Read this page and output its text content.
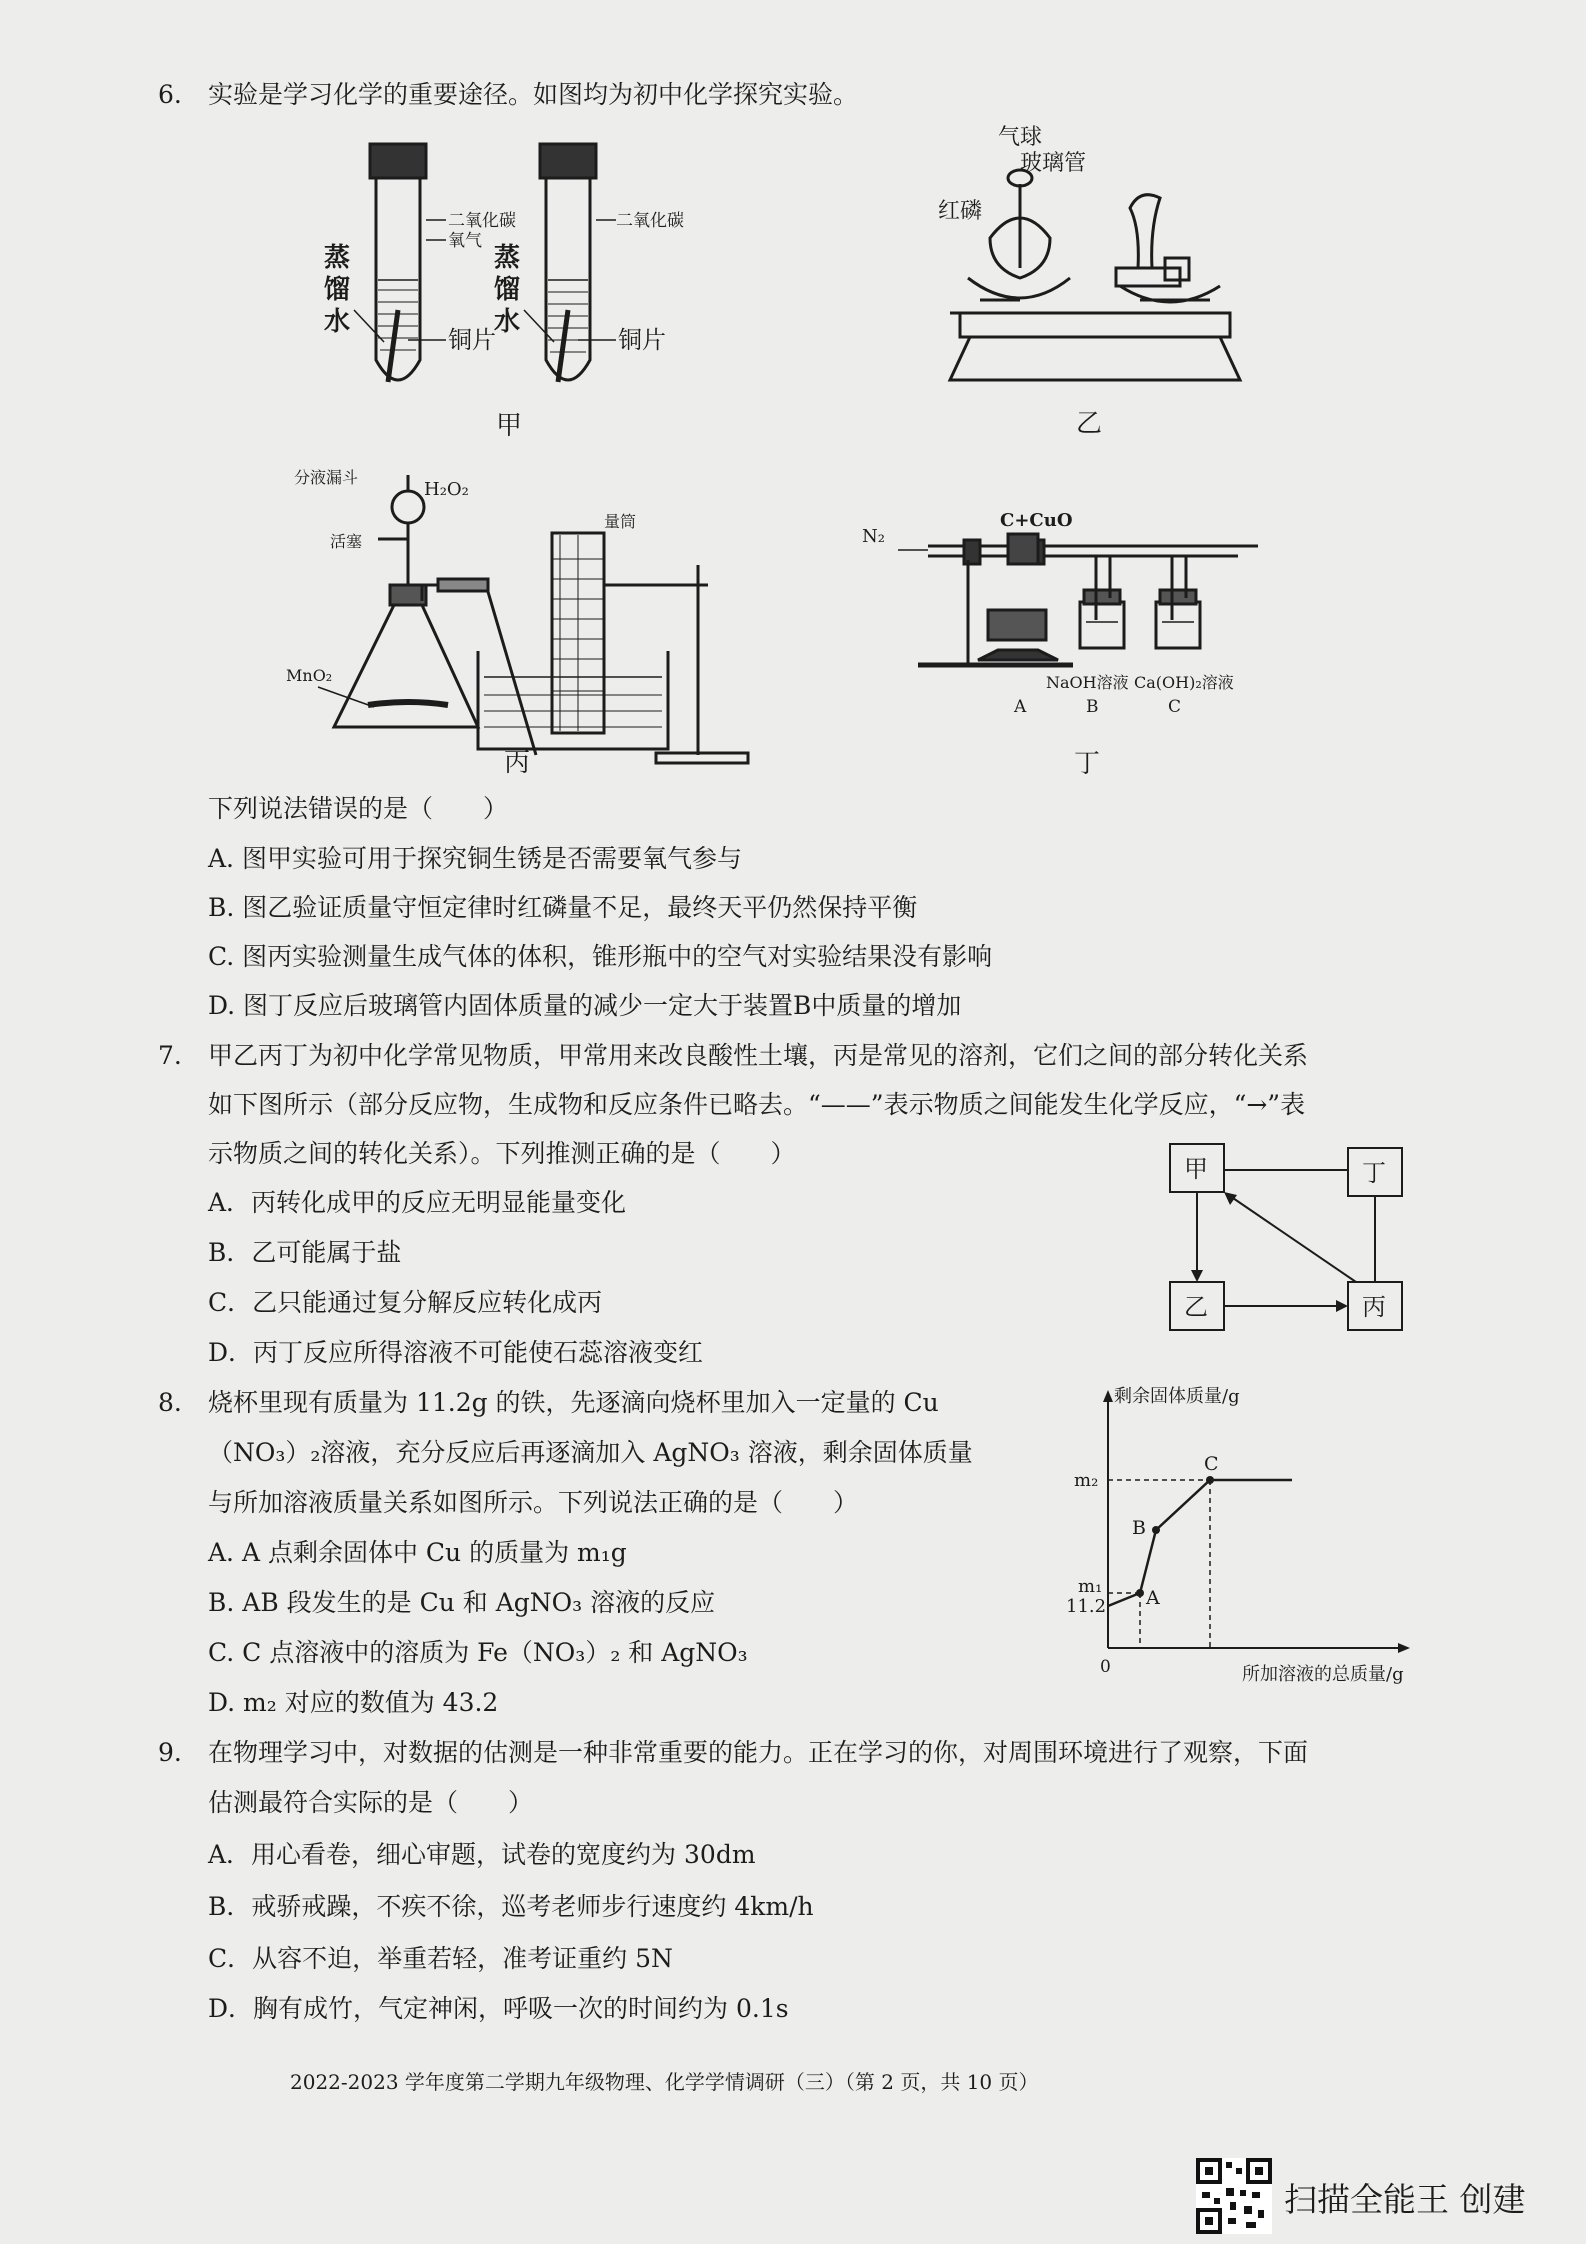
6. 实验是学习化学的重要途径。如图均为初中化学探究实验。
二氧化碳
氧气
蒸
馏
水
铜片
二氧化碳
蒸
馏
水
铜片
甲
气球
玻璃管
红磷
乙
分液漏斗
H₂O₂
活塞
MnO₂
量筒
丙
N₂
C+CuO
NaOH溶液 Ca(OH)₂溶液
A	B	C
丁
下列说法错误的是（　　）
A. 图甲实验可用于探究铜生锈是否需要氧气参与
B. 图乙验证质量守恒定律时红磷量不足，最终天平仍然保持平衡
C. 图丙实验测量生成气体的体积，锥形瓶中的空气对实验结果没有影响
D. 图丁反应后玻璃管内固体质量的减少一定大于装置B中质量的增加
7. 甲乙丙丁为初中化学常见物质，甲常用来改良酸性土壤，丙是常见的溶剂，它们之间的部分转化关系
如下图所示（部分反应物，生成物和反应条件已略去。“——”表示物质之间能发生化学反应，“→”表
示物质之间的转化关系）。下列推测正确的是（　　）
A．丙转化成甲的反应无明显能量变化
B．乙可能属于盐
C．乙只能通过复分解反应转化成丙
D．丙丁反应所得溶液不可能使石蕊溶液变红
甲	丁
乙	丙
8. 烧杯里现有质量为 11.2g 的铁，先逐滴向烧杯里加入一定量的 Cu
（NO₃）₂溶液，充分反应后再逐滴加入 AgNO₃ 溶液，剩余固体质量
与所加溶液质量关系如图所示。下列说法正确的是（　　）
A. A 点剩余固体中 Cu 的质量为 m₁g
B. AB 段发生的是 Cu 和 AgNO₃ 溶液的反应
C. C 点溶液中的溶质为 Fe（NO₃）₂ 和 AgNO₃
D. m₂ 对应的数值为 43.2
剩余固体质量/g
所加溶液的总质量/g
0
m₂
m₁
11.2 A
B
C
9. 在物理学习中，对数据的估测是一种非常重要的能力。正在学习的你，对周围环境进行了观察，下面
估测最符合实际的是（　　）
A．用心看卷，细心审题，试卷的宽度约为 30dm
B．戒骄戒躁，不疾不徐，巡考老师步行速度约 4km/h
C．从容不迫，举重若轻，准考证重约 5N
D．胸有成竹，气定神闲，呼吸一次的时间约为 0.1s
2022-2023 学年度第二学期九年级物理、化学学情调研（三）（第 2 页，共 10 页）
扫描全能王 创建
